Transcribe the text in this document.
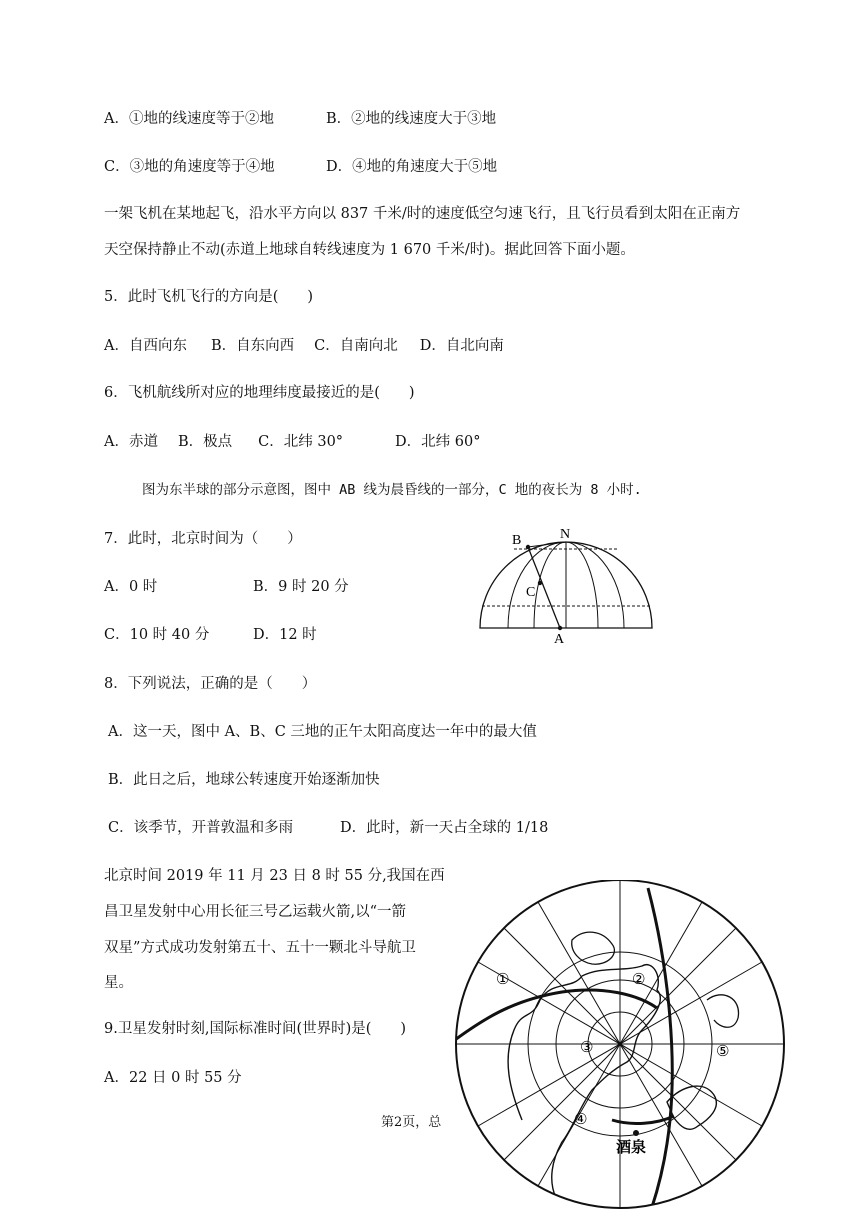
A．①地的线速度等于②地	B．②地的线速度大于③地
C．③地的角速度等于④地	D．④地的角速度大于⑤地
一架飞机在某地起飞，沿水平方向以 837 千米/时的速度低空匀速飞行，且飞行员看到太阳在正南方
天空保持静止不动(赤道上地球自转线速度为 1 670 千米/时)。据此回答下面小题。
5．此时飞机飞行的方向是(　　)
A．自西向东 B．自东向西 C．自南向北 D．自北向南
6．飞机航线所对应的地理纬度最接近的是(　　)
A．赤道 B．极点 C．北纬 30°	D．北纬 60°
图为东半球的部分示意图，图中 AB 线为晨昏线的一部分，C 地的夜长为 8 小时.
7．此时，北京时间为（　　）
A．0 时	B．9 时 20 分
C．10 时 40 分	D．12 时
N
B
C
A
8．下列说法，正确的是（　　）
A．这一天，图中 A、B、C 三地的正午太阳高度达一年中的最大值
B．此日之后，地球公转速度开始逐渐加快
C．该季节，开普敦温和多雨	D．此时，新一天占全球的 1/18
北京时间 2019 年 11 月 23 日 8 时 55 分,我国在西
昌卫星发射中心用长征三号乙运载火箭,以“一箭
双星”方式成功发射第五十、五十一颗北斗导航卫
星。
9.卫星发射时刻,国际标准时间(世界时)是(　　)
A．22 日 0 时 55 分
第2页，总
①	②
③
④
⑤
酒泉
